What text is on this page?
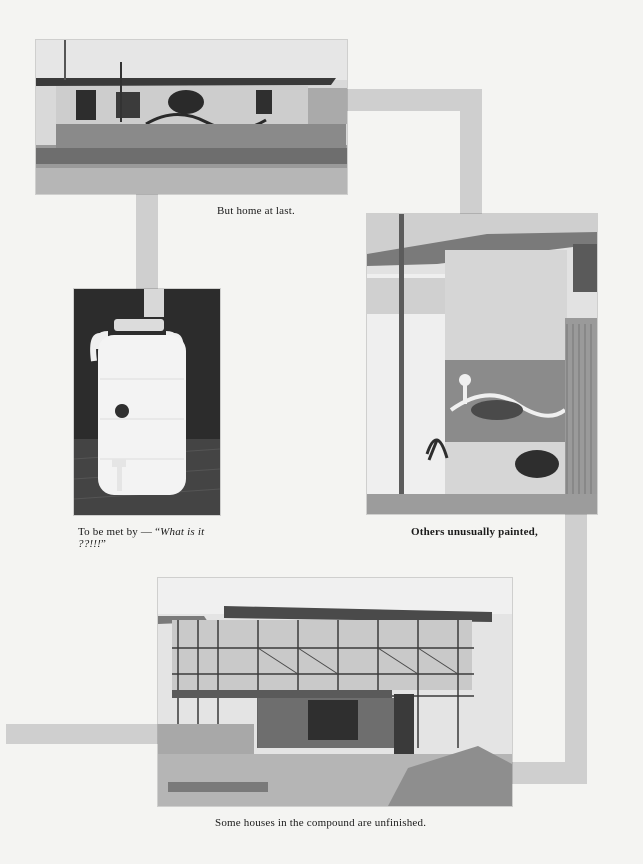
But home at last.
To be met by — “What is it ??!!!”
Others unusually painted,
Some houses in the compound are unfinished.
